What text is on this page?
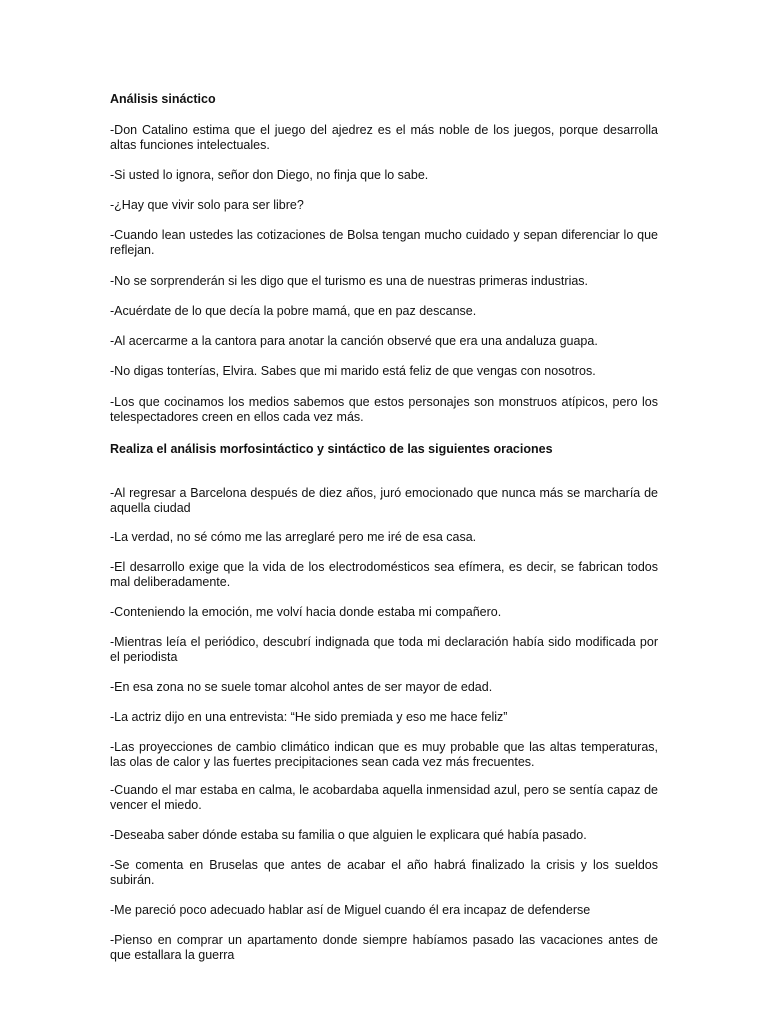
Análisis sináctico

-Don Catalino estima que el juego del ajedrez es el más noble de los juegos, porque desarrolla altas funciones intelectuales.

-Si usted lo ignora, señor don Diego, no finja que lo sabe.

-¿Hay que vivir solo para ser libre?

-Cuando lean ustedes las cotizaciones de Bolsa tengan mucho cuidado y sepan diferenciar lo que reflejan.

-No se sorprenderán si les digo que el turismo es una de nuestras primeras industrias.

-Acuérdate de lo que decía la pobre mamá, que en paz descanse.

-Al acercarme a la cantora para anotar la canción observé que era una andaluza guapa.

-No digas tonterías, Elvira. Sabes que mi marido está feliz de que vengas con nosotros.

-Los que cocinamos los medios sabemos que estos personajes son monstruos atípicos, pero los telespectadores creen en ellos cada vez más.

Realiza el análisis morfosintáctico y sintáctico de las siguientes oraciones

-Al regresar a Barcelona después de diez años, juró emocionado que nunca más se marcharía de aquella ciudad

-La verdad, no sé cómo me las arreglaré pero me iré de esa casa.

-El desarrollo exige que la vida de los electrodomésticos sea efímera, es decir, se fabrican todos mal deliberadamente.

-Conteniendo la emoción, me volví hacia donde estaba mi compañero.

-Mientras leía el periódico, descubrí indignada que toda mi declaración había sido modificada por el periodista

-En esa zona no se suele tomar alcohol antes de ser mayor de edad.

-La actriz dijo en una entrevista: “He sido premiada y eso me hace feliz”

-Las proyecciones de cambio climático indican que es muy probable que las altas temperaturas, las olas de calor y las fuertes precipitaciones sean cada vez más frecuentes.

-Cuando el mar estaba en calma, le acobardaba aquella inmensidad azul, pero se sentía capaz de vencer el miedo.

-Deseaba saber dónde estaba su familia o que alguien le explicara qué había pasado.

-Se comenta en Bruselas que antes de acabar el año habrá finalizado la crisis y los sueldos subirán.

-Me pareció poco adecuado hablar así de Miguel cuando él era incapaz de defenderse

-Pienso en comprar un apartamento donde siempre habíamos pasado las vacaciones antes de que estallara la guerra
